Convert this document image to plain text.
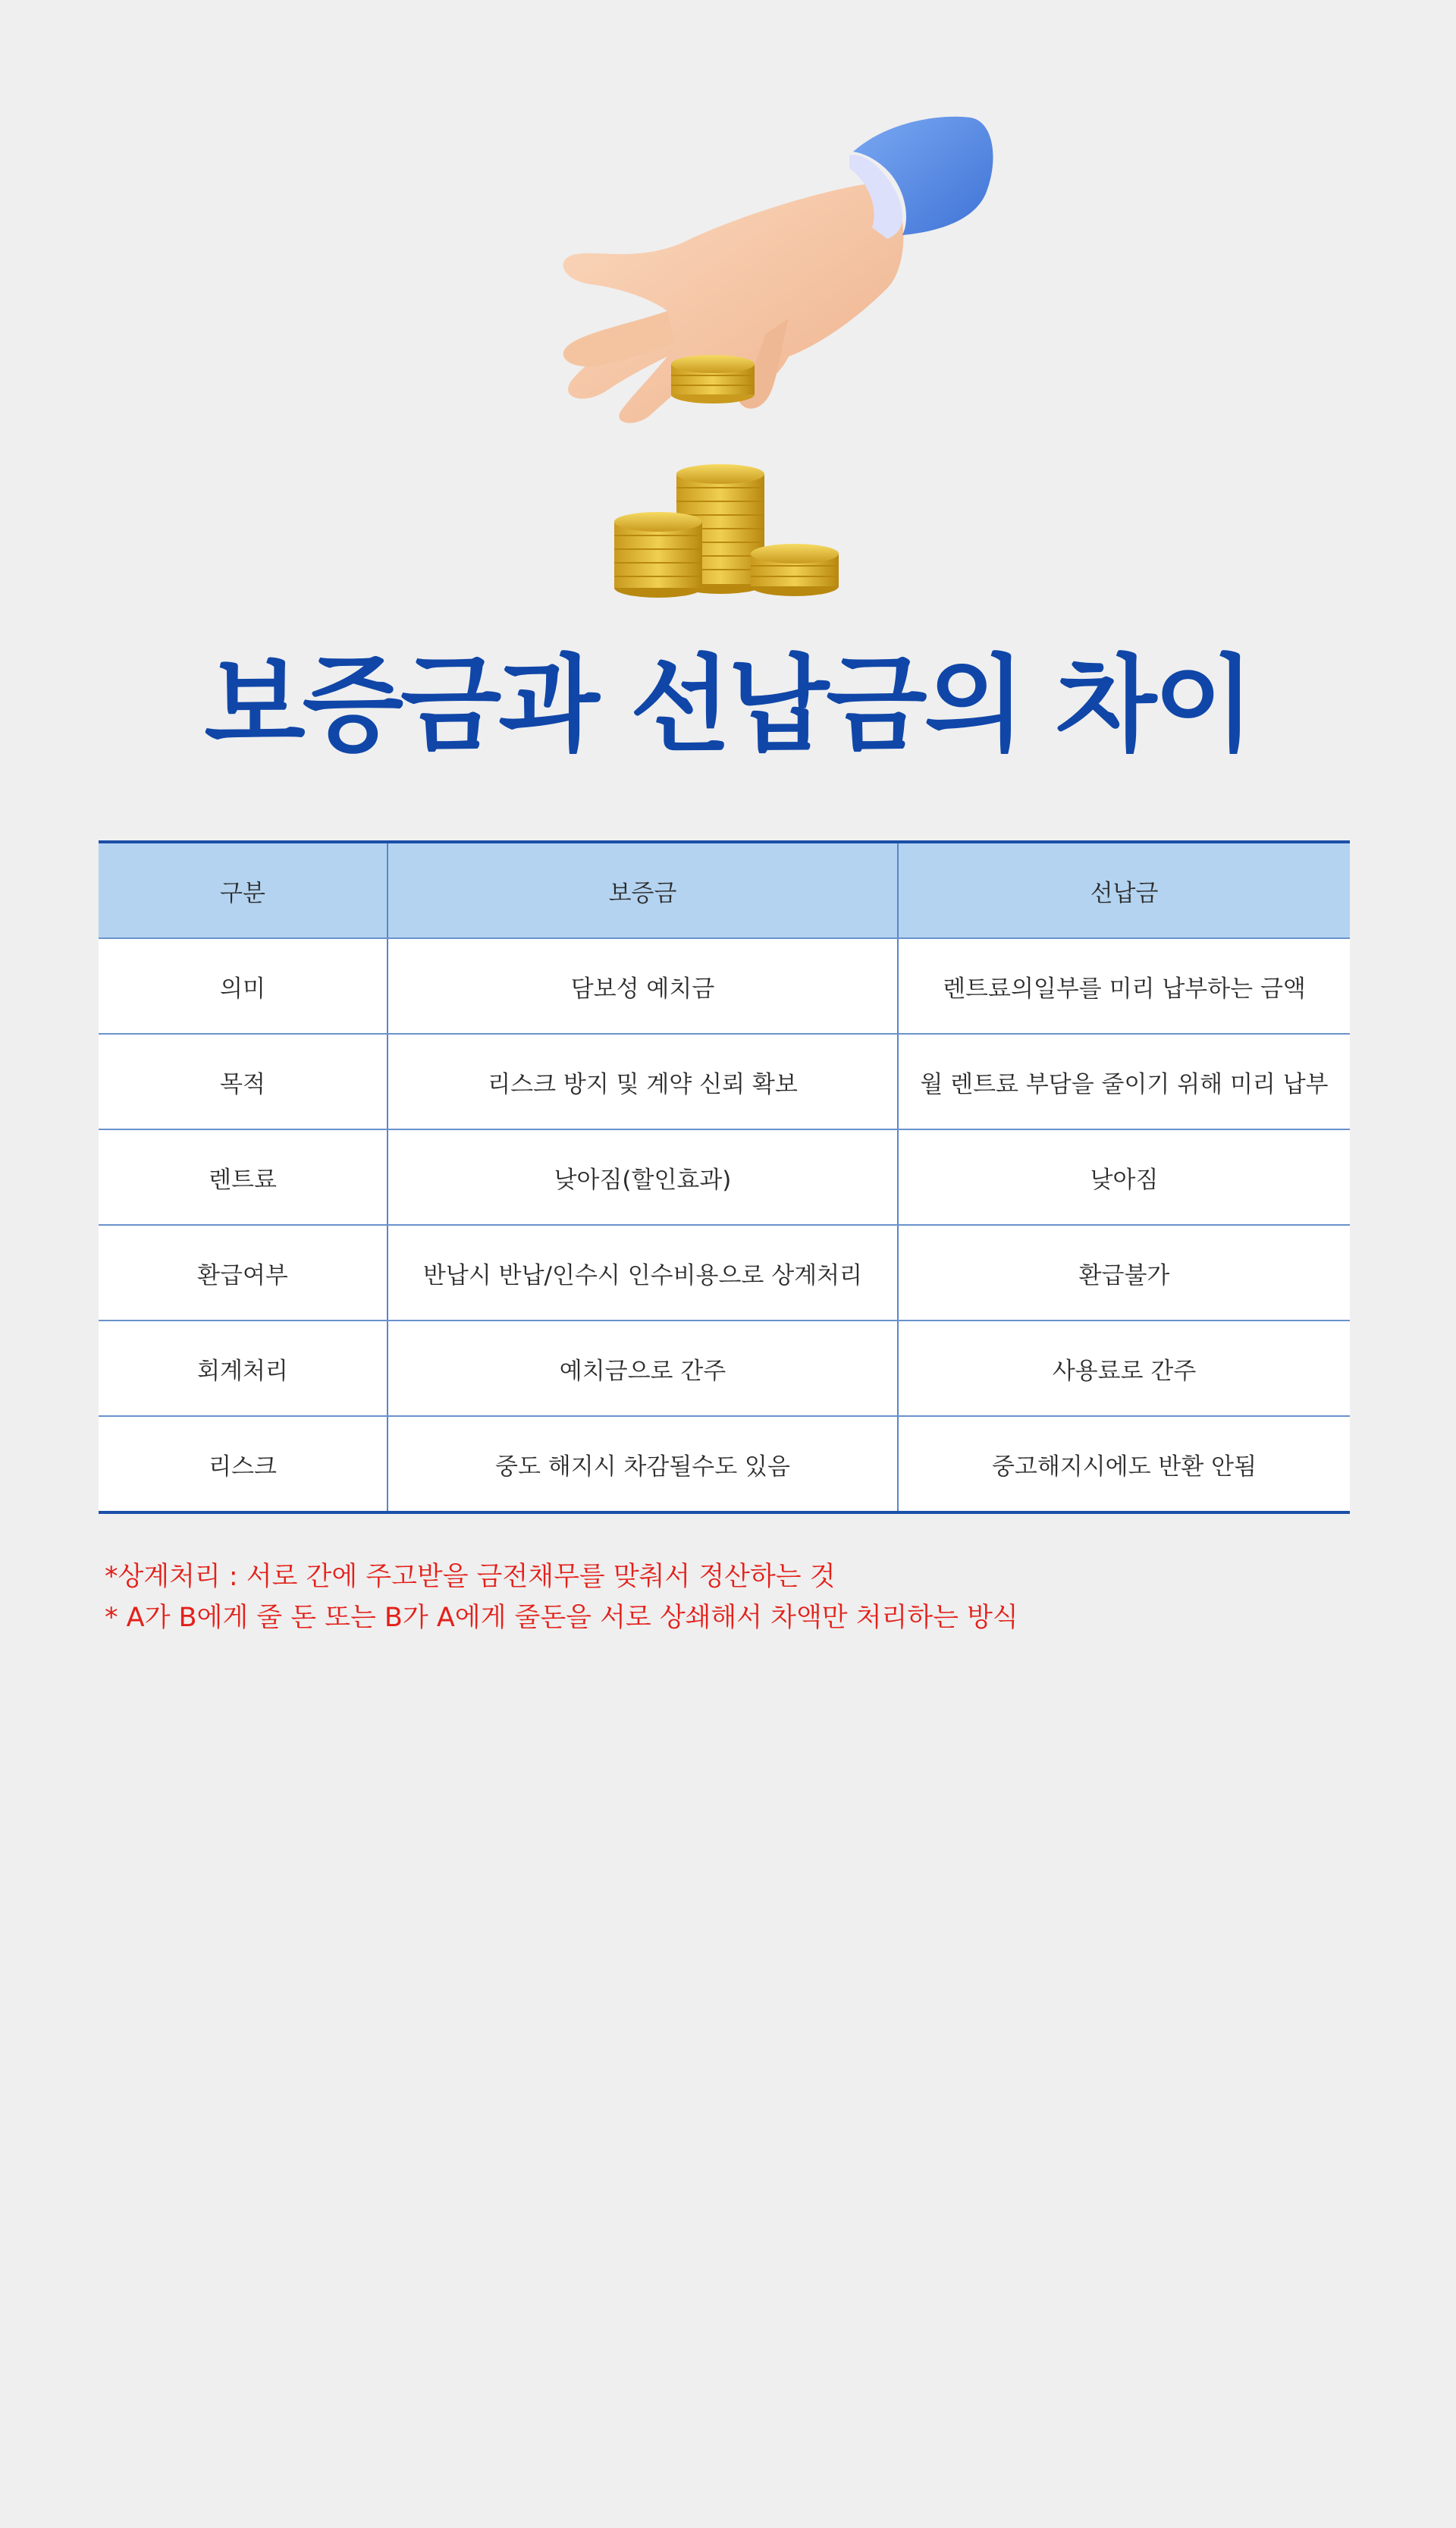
보증금과 선납금의 차이
구분	보증금	선납금
의미	담보성 예치금	렌트료의일부를 미리 납부하는 금액
목적	리스크 방지 및 계약 신뢰 확보	월 렌트료 부담을 줄이기 위해 미리 납부
렌트료	낮아짐(할인효과)	낮아짐
환급여부	반납시 반납/인수시 인수비용으로 상계처리	환급불가
회계처리	예치금으로 간주	사용료로 간주
리스크	중도 해지시 차감될수도 있음	중고해지시에도 반환 안됨

*상계처리 : 서로 간에 주고받을 금전채무를 맞춰서 정산하는 것

* A가 B에게 줄 돈 또는 B가 A에게 줄돈을 서로 상쇄해서 차액만 처리하는 방식
